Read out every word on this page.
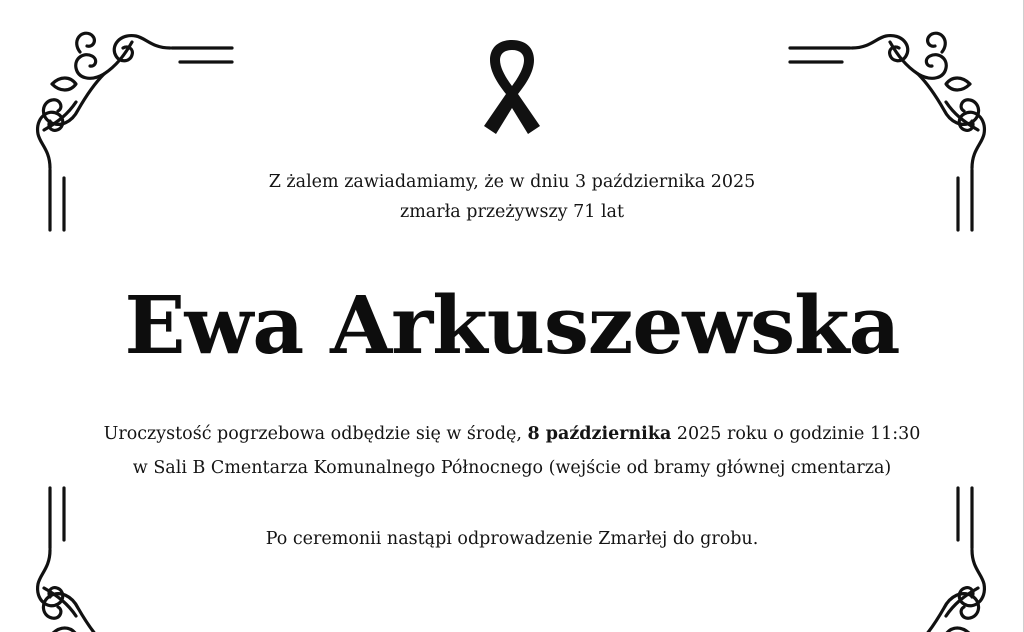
Z żalem zawiadamiamy, że w dniu 3 października 2025
zmarła przeżywszy 71 lat
Ewa Arkuszewska
Uroczystość pogrzebowa odbędzie się w środę, 8 października 2025 roku o godzinie 11:30
w Sali B Cmentarza Komunalnego Północnego (wejście od bramy głównej cmentarza)
Po ceremonii nastąpi odprowadzenie Zmarłej do grobu.
